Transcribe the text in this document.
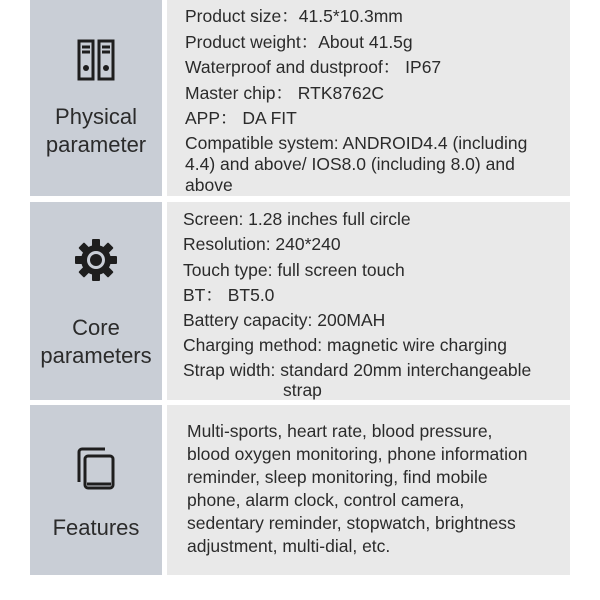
Physical
parameter
Product size：41.5*10.3mm
Product weight：About 41.5g
Waterproof and dustproof： IP67
Master chip： RTK8762C
APP： DA FIT
Compatible system: ANDROID4.4 (including
4.4) and above/ IOS8.0 (including 8.0) and
above
Core
parameters
Screen: 1.28 inches full circle
Resolution: 240*240
Touch type: full screen touch
BT： BT5.0
Battery capacity: 200MAH
Charging method: magnetic wire charging
Strap width: standard 20mm interchangeable
strap
Features
Multi-sports, heart rate, blood pressure,
blood oxygen monitoring, phone information
reminder, sleep monitoring, find mobile
phone, alarm clock, control camera,
sedentary reminder, stopwatch, brightness
adjustment, multi-dial, etc.
